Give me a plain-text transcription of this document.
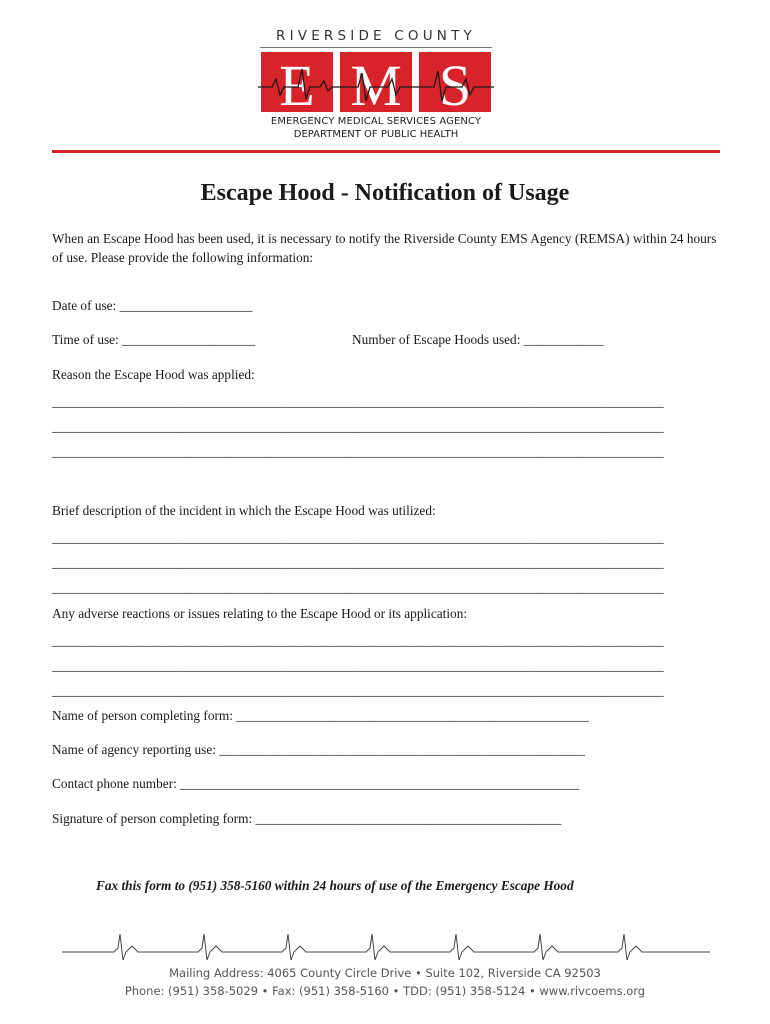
RIVERSIDE COUNTY
E M S
EMERGENCY MEDICAL SERVICES AGENCY
DEPARTMENT OF PUBLIC HEALTH
Escape Hood - Notification of Usage
When an Escape Hood has been used, it is necessary to notify the Riverside County EMS Agency (REMSA) within 24 hours of use. Please provide the following information:
Date of use: ____________________
Time of use: ____________________	Number of Escape Hoods used: ____________
Reason the Escape Hood was applied:
____________________________________________________________________________________________
____________________________________________________________________________________________
____________________________________________________________________________________________
Brief description of the incident in which the Escape Hood was utilized:
____________________________________________________________________________________________
____________________________________________________________________________________________
____________________________________________________________________________________________
Any adverse reactions or issues relating to the Escape Hood or its application:
____________________________________________________________________________________________
____________________________________________________________________________________________
____________________________________________________________________________________________
Name of person completing form: _____________________________________________________
Name of agency reporting use: _______________________________________________________
Contact phone number: ____________________________________________________________
Signature of person completing form: ______________________________________________
Fax this form to (951) 358-5160 within 24 hours of use of the Emergency Escape Hood
Mailing Address: 4065 County Circle Drive • Suite 102, Riverside CA 92503
Phone: (951) 358-5029 • Fax: (951) 358-5160 • TDD: (951) 358-5124 • www.rivcoems.org
